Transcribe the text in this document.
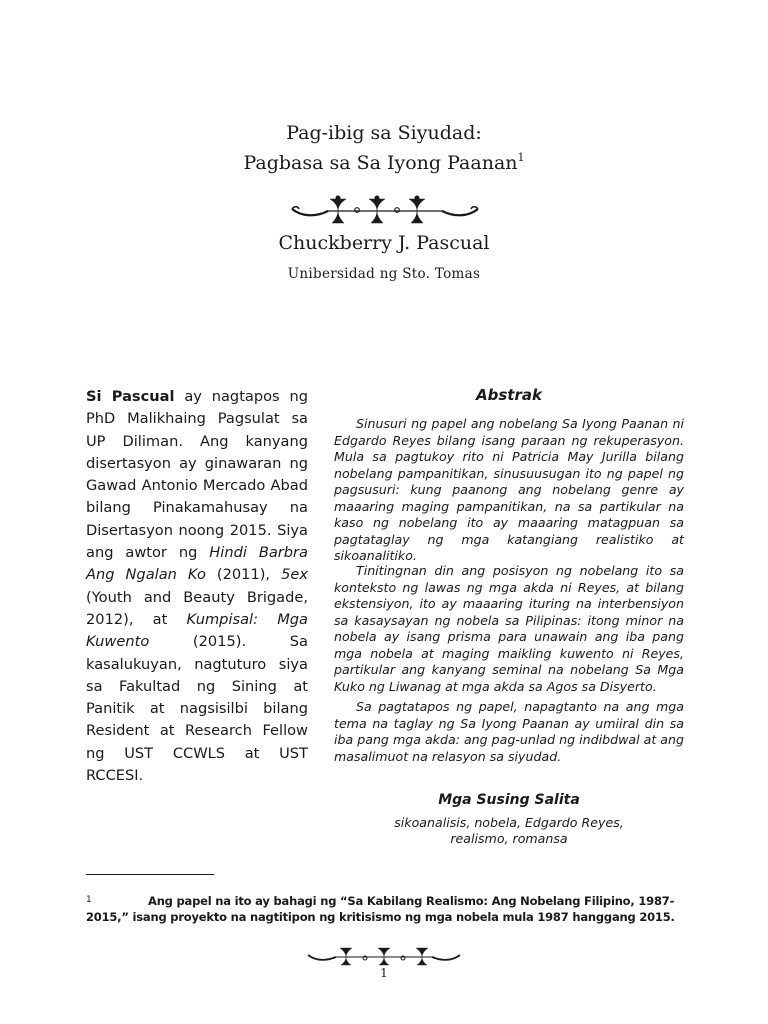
Pag-ibig sa Siyudad:
Pagbasa sa Sa Iyong Paanan$^1$
Chuckberry J. Pascual

Unibersidad ng Sto. Tomas

Si Pascual ay nagtapos ng PhD Malikhaing Pagsulat sa UP Diliman. Ang kanyang disertasyon ay ginawaran ng Gawad Antonio Mercado Abad bilang Pinakamahusay na Disertasyon noong 2015. Siya ang awtor ng Hindi Barbra Ang Ngalan Ko (2011), 5ex (Youth and Beauty Brigade, 2012), at Kumpisal: Mga Kuwento (2015). Sa kasalukuyan, nagtuturo siya sa Fakultad ng Sining at Panitik at nagsisilbi bilang Resident at Research Fellow ng UST CCWLS at UST RCCESI.

Abstrak

Sinusuri ng papel ang nobelang Sa Iyong Paanan ni Edgardo Reyes bilang isang paraan ng rekuperasyon. Mula sa pagtukoy rito ni Patricia May Jurilla bilang nobelang pampanitikan, sinusuusugan ito ng papel ng pagsusuri: kung paanong ang nobelang genre ay maaaring maging pampanitikan, na sa partikular na kaso ng nobelang ito ay maaaring matagpuan sa pagtataglay ng mga katangiang realistiko at sikoanalitiko.

Tinitingnan din ang posisyon ng nobelang ito sa konteksto ng lawas ng mga akda ni Reyes, at bilang ekstensiyon, ito ay maaaring ituring na interbensiyon sa kasaysayan ng nobela sa Pilipinas: itong minor na nobela ay isang prisma para unawain ang iba pang mga nobela at maging maikling kuwento ni Reyes, partikular ang kanyang seminal na nobelang Sa Mga Kuko ng Liwanag at mga akda sa Agos sa Disyerto.

Sa pagtatapos ng papel, napagtanto na ang mga tema na taglay ng Sa Iyong Paanan ay umiiral din sa iba pang mga akda: ang pag-unlad ng indibdwal at ang masalimuot na relasyon sa siyudad.

Mga Susing Salita

sikoanalisis, nobela, Edgardo Reyes,
realismo, romansa

1	Ang papel na ito ay bahagi ng “Sa Kabilang Realismo: Ang Nobelang Filipino, 1987-2015,” isang proyekto na nagtitipon ng kritisismo ng mga nobela mula 1987 hanggang 2015.

1
